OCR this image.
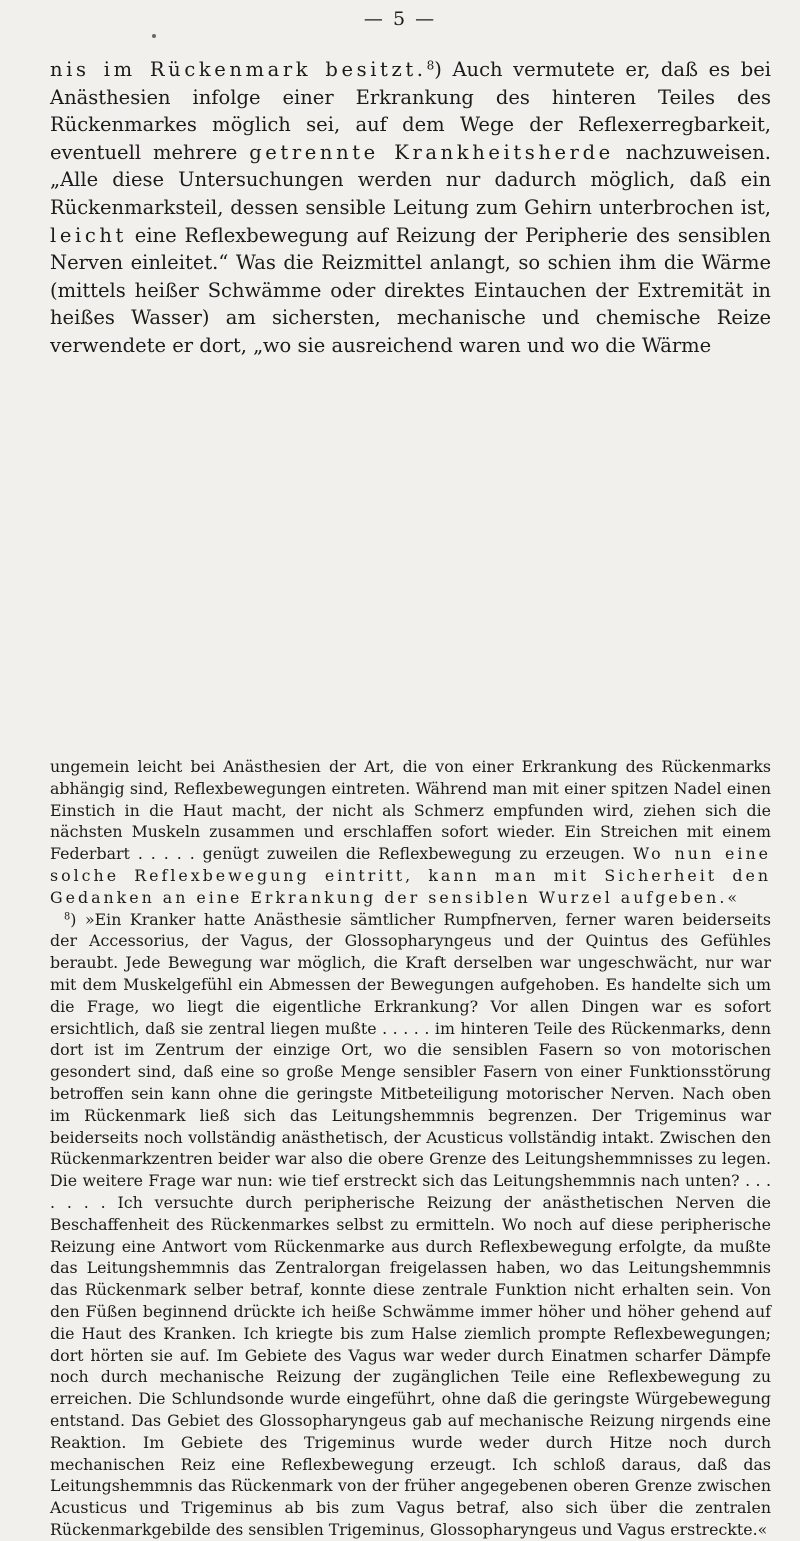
— 5 —

nis im Rückenmark besitzt.$^8$) Auch vermutete er, daß es bei Anästhesien infolge einer Erkrankung des hinteren Teiles des Rückenmarkes möglich sei, auf dem Wege der Reflexerregbarkeit, eventuell mehrere getrennte Krankheitsherde nachzuweisen. „Alle diese Untersuchungen werden nur dadurch möglich, daß ein Rückenmarksteil, dessen sensible Leitung zum Gehirn unterbrochen ist, leicht eine Reflexbewegung auf Reizung der Peripherie des sensiblen Nerven einleitet.“ Was die Reizmittel anlangt, so schien ihm die Wärme (mittels heißer Schwämme oder direktes Eintauchen der Extremität in heißes Wasser) am sichersten, mechanische und chemische Reize verwendete er dort, „wo sie ausreichend waren und wo die Wärme

ungemein leicht bei Anästhesien der Art, die von einer Erkrankung des Rückenmarks abhängig sind, Reflexbewegungen eintreten. Während man mit einer spitzen Nadel einen Einstich in die Haut macht, der nicht als Schmerz empfunden wird, ziehen sich die nächsten Muskeln zusammen und erschlaffen sofort wieder. Ein Streichen mit einem Federbart . . . . . genügt zuweilen die Reflexbewegung zu erzeugen. Wo nun eine solche Reflexbewegung eintritt, kann man mit Sicherheit den Gedanken an eine Erkrankung der sensiblen Wurzel aufgeben.«

$^8$) »Ein Kranker hatte Anästhesie sämtlicher Rumpfnerven, ferner waren beiderseits der Accessorius, der Vagus, der Glossopharyngeus und der Quintus des Gefühles beraubt. Jede Bewegung war möglich, die Kraft derselben war ungeschwächt, nur war mit dem Muskelgefühl ein Abmessen der Bewegungen aufgehoben. Es handelte sich um die Frage, wo liegt die eigentliche Erkrankung? Vor allen Dingen war es sofort ersichtlich, daß sie zentral liegen mußte . . . . . im hinteren Teile des Rückenmarks, denn dort ist im Zentrum der einzige Ort, wo die sensiblen Fasern so von motorischen gesondert sind, daß eine so große Menge sensibler Fasern von einer Funktionsstörung betroffen sein kann ohne die geringste Mitbeteiligung motorischer Nerven. Nach oben im Rückenmark ließ sich das Leitungshemmnis begrenzen. Der Trigeminus war beiderseits noch vollständig anästhetisch, der Acusticus vollständig intakt. Zwischen den Rückenmarkzentren beider war also die obere Grenze des Leitungshemmnisses zu legen. Die weitere Frage war nun: wie tief erstreckt sich das Leitungshemmnis nach unten? . . . . . . . Ich versuchte durch peripherische Reizung der anästhetischen Nerven die Beschaffenheit des Rückenmarkes selbst zu ermitteln. Wo noch auf diese peripherische Reizung eine Antwort vom Rückenmarke aus durch Reflexbewegung erfolgte, da mußte das Leitungshemmnis das Zentralorgan freigelassen haben, wo das Leitungshemmnis das Rückenmark selber betraf, konnte diese zentrale Funktion nicht erhalten sein. Von den Füßen beginnend drückte ich heiße Schwämme immer höher und höher gehend auf die Haut des Kranken. Ich kriegte bis zum Halse ziemlich prompte Reflexbewegungen; dort hörten sie auf. Im Gebiete des Vagus war weder durch Einatmen scharfer Dämpfe noch durch mechanische Reizung der zugänglichen Teile eine Reflexbewegung zu erreichen. Die Schlundsonde wurde eingeführt, ohne daß die geringste Würgebewegung entstand. Das Gebiet des Glossopharyngeus gab auf mechanische Reizung nirgends eine Reaktion. Im Gebiete des Trigeminus wurde weder durch Hitze noch durch mechanischen Reiz eine Reflexbewegung erzeugt. Ich schloß daraus, daß das Leitungshemmnis das Rückenmark von der früher angegebenen oberen Grenze zwischen Acusticus und Trigeminus ab bis zum Vagus betraf, also sich über die zentralen Rückenmarkgebilde des sensiblen Trigeminus, Glossopharyngeus und Vagus erstreckte.«
